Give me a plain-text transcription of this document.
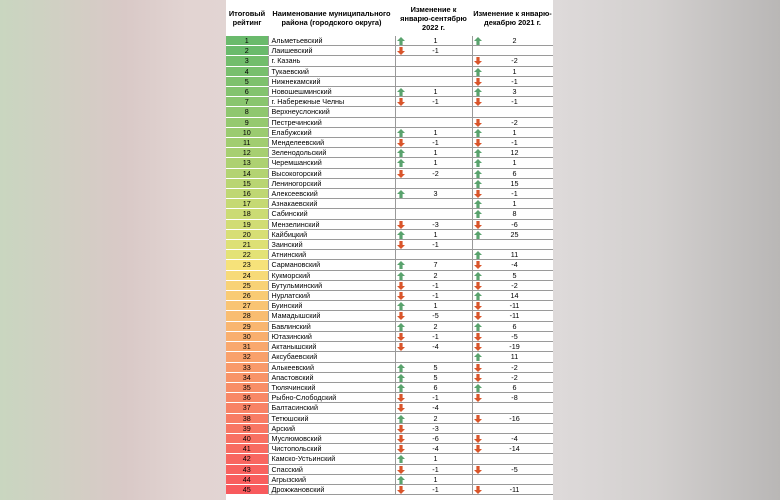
Итоговый рейтинг	Наименование муниципального района (городского округа)	Изменение к январю-сентябрю 2022 г.	Изменение к январю-декабрю 2021 г.
1	Альметьевский	1	2

2	Лаишевский	-1	

3	г. Казань		-2

4	Тукаевский		1

5	Нижнекамский		-1

6	Новошешминский	1	3

7	г. Набережные Челны	-1	-1

8	Верхнеуслонский	

9	Пестречинский		-2

10	Елабужский	1	1

11	Менделеевский	-1	-1

12	Зеленодольский	1	12

13	Черемшанский	1	1

14	Высокогорский	-2	6

15	Лениногорский		15

16	Алексеевский	3	-1

17	Азнакаевский		1

18	Сабинский		8

19	Мензелинский	-3	-6

20	Кайбицкий	1	25

21	Заинский	-1	

22	Атнинский		11

23	Сармановский	7	-4

24	Кукморский	2	5

25	Бутульминский	-1	-2

26	Нурлатский	-1	14

27	Буинский	1	-11

28	Мамадышский	-5	-11

29	Бавлинский	2	6

30	Ютазинский	-1	-5

31	Актанышский	-4	-19

32	Аксубаевский		11

33	Алькеевский	5	-2

34	Апастовский	5	-2

35	Тюлячинский	6	6

36	Рыбно-Слободский	-1	-8

37	Балтасинский	-4	

38	Тетюшский	2	-16

39	Арский	-3	

40	Муслюмовский	-6	-4

41	Чистопольский	-4	-14

42	Камско-Устьинский	1	

43	Спасский	-1	-5

44	Агрызский	1	

45	Дрожжановский	-1	-11
